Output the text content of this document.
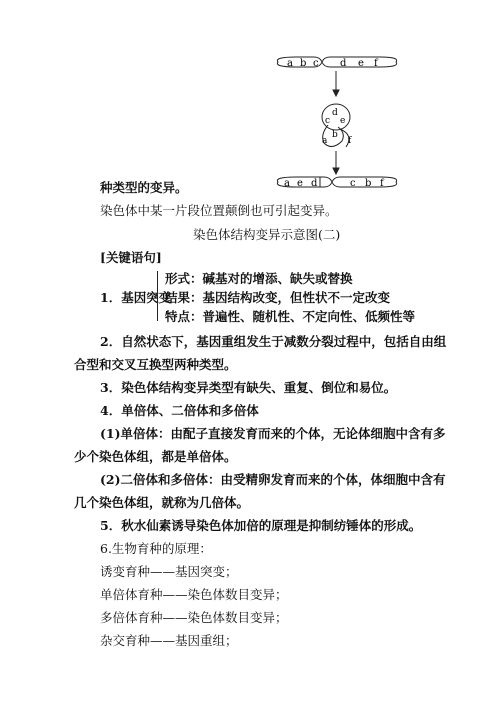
a b c d e f
d
c e
a
b
f
a e d	c b f
种类型的变异。
染色体中某一片段位置颠倒也可引起变异。
染色体结构变异示意图(二)
[关键语句]
1．基因突变
形式：碱基对的增添、缺失或替换
结果：基因结构改变，但性状不一定改变
特点：普遍性、随机性、不定向性、低频性等
2．自然状态下，基因重组发生于减数分裂过程中，包括自由组
合型和交叉互换型两种类型。
3．染色体结构变异类型有缺失、重复、倒位和易位。
4．单倍体、二倍体和多倍体
(1)单倍体：由配子直接发育而来的个体，无论体细胞中含有多
少个染色体组，都是单倍体。
(2)二倍体和多倍体：由受精卵发育而来的个体，体细胞中含有
几个染色体组，就称为几倍体。
5．秋水仙素诱导染色体加倍的原理是抑制纺锤体的形成。
6.生物育种的原理：
诱变育种——基因突变；
单倍体育种——染色体数目变异；
多倍体育种——染色体数目变异；
杂交育种——基因重组；
